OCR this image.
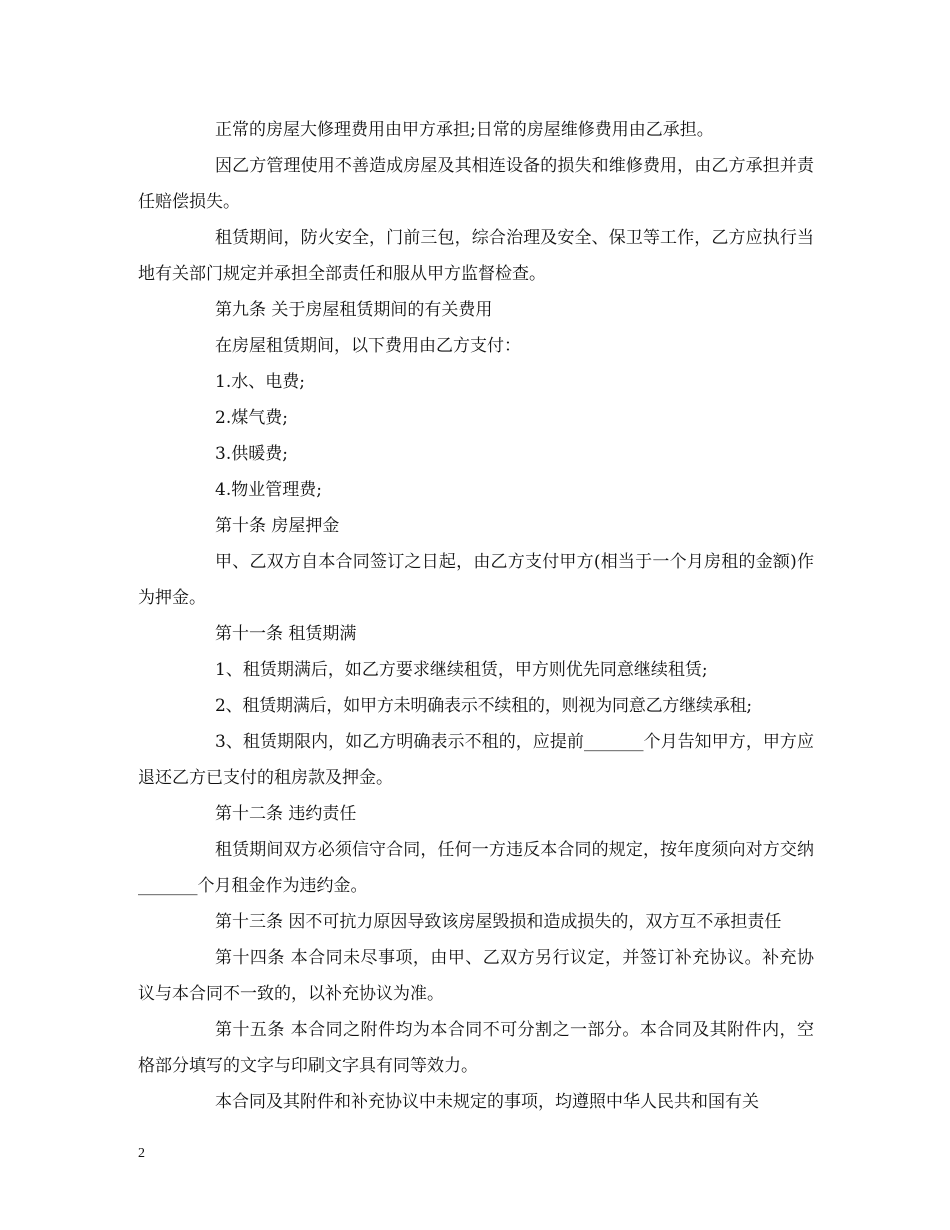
正常的房屋大修理费用由甲方承担;日常的房屋维修费用由乙承担。

因乙方管理使用不善造成房屋及其相连设备的损失和维修费用，由乙方承担并责任赔偿损失。

租赁期间，防火安全，门前三包，综合治理及安全、保卫等工作，乙方应执行当地有关部门规定并承担全部责任和服从甲方监督检查。

第九条 关于房屋租赁期间的有关费用

在房屋租赁期间，以下费用由乙方支付：

1.水、电费;

2.煤气费;

3.供暖费;

4.物业管理费;

第十条 房屋押金

甲、乙双方自本合同签订之日起，由乙方支付甲方(相当于一个月房租的金额)作为押金。

第十一条 租赁期满

1、租赁期满后，如乙方要求继续租赁，甲方则优先同意继续租赁;

2、租赁期满后，如甲方未明确表示不续租的，则视为同意乙方继续承租;

3、租赁期限内，如乙方明确表示不租的，应提前_______个月告知甲方，甲方应退还乙方已支付的租房款及押金。

第十二条 违约责任

租赁期间双方必须信守合同，任何一方违反本合同的规定，按年度须向对方交纳_______个月租金作为违约金。

第十三条 因不可抗力原因导致该房屋毁损和造成损失的，双方互不承担责任

第十四条 本合同未尽事项，由甲、乙双方另行议定，并签订补充协议。补充协议与本合同不一致的，以补充协议为准。

第十五条 本合同之附件均为本合同不可分割之一部分。本合同及其附件内，空格部分填写的文字与印刷文字具有同等效力。

本合同及其附件和补充协议中未规定的事项，均遵照中华人民共和国有关

2
